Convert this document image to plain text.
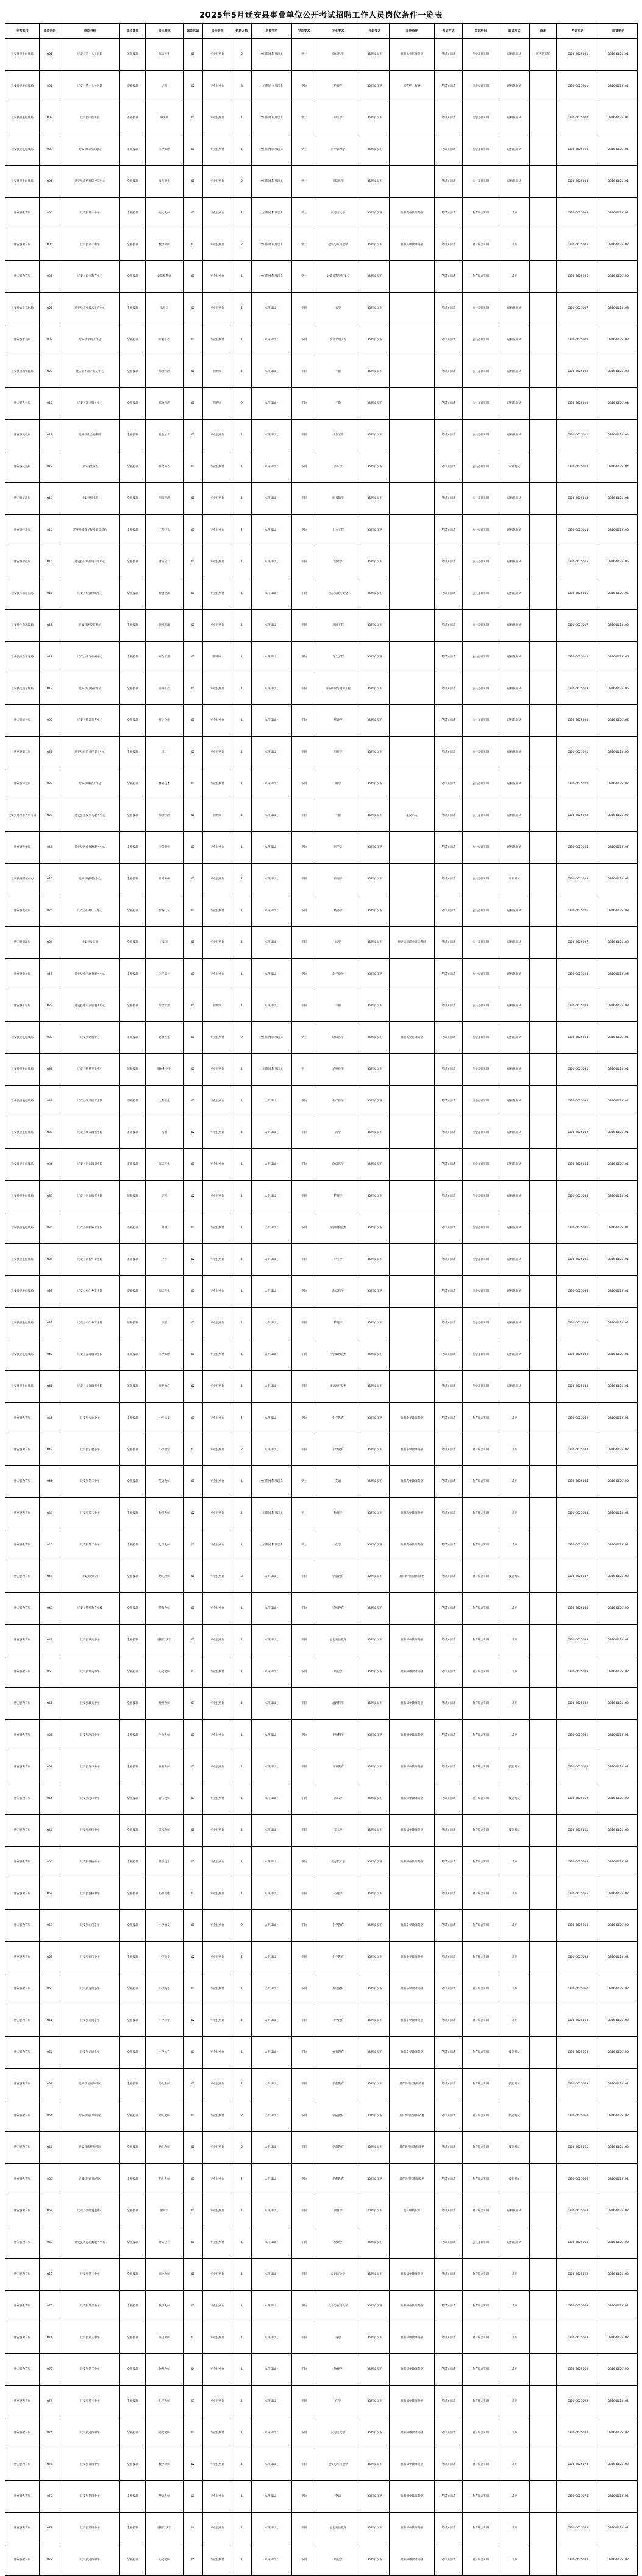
2025年5月迁安县事业单位公开考试招聘工作人员岗位条件一览表
主管部门	单位代码	单位名称	单位性质	岗位名称	岗位代码	岗位类别	招聘人数	所需学历	学位要求	专业要求	年龄要求	其他条件	考试方式	笔试科目	面试方式	备注	咨询电话	监督电话
迁安县卫生健康局	001	迁安县第一人民医院	差额拨款	临床医生	01	专业技术岗	2	全日制本科及以上	学士	临床医学	35周岁以下	具有执业医师资格	笔试+面试	医学基础知识	结构化面试	服务期五年	0316-6625001	0316-6625101
迁安县卫生健康局	001	迁安县第一人民医院	差额拨款	护理	02	专业技术岗	3	全日制大专及以上	不限	护理学	30周岁以下	具有护士资格	笔试+面试	医学基础知识	结构化面试		0316-6625001	0316-6625101
迁安县卫生健康局	002	迁安县中医医院	差额拨款	中医师	01	专业技术岗	1	全日制本科及以上	学士	中医学	35周岁以下		笔试+面试	医学基础知识	结构化面试		0316-6625002	0316-6625101
迁安县卫生健康局	003	迁安县妇幼保健院	差额拨款	医学影像	01	专业技术岗	1	全日制本科及以上	学士	医学影像学	35周岁以下		笔试+面试	医学基础知识	结构化面试		0316-6625003	0316-6625101
迁安县卫生健康局	004	迁安县疾病预防控制中心	全额拨款	公共卫生	01	专业技术岗	2	全日制本科及以上	学士	预防医学	35周岁以下		笔试+面试	公共基础知识	结构化面试		0316-6625004	0316-6625101
迁安县教育局	005	迁安县第一中学	全额拨款	语文教师	01	专业技术岗	2	全日制本科及以上	学士	汉语言文学	35周岁以下	具有高中教师资格	笔试+面试	教育综合知识	试讲		0316-6625005	0316-6625102
迁安县教育局	005	迁安县第一中学	全额拨款	数学教师	02	专业技术岗	2	全日制本科及以上	学士	数学与应用数学	35周岁以下	具有高中教师资格	笔试+面试	教育综合知识	试讲		0316-6625005	0316-6625102
迁安县教育局	006	迁安县职业教育中心	全额拨款	计算机教师	01	专业技术岗	1	全日制本科及以上	学士	计算机科学与技术	35周岁以下		笔试+面试	教育综合知识	试讲		0316-6625006	0316-6625102
迁安县农业农村局	007	迁安县农业技术推广中心	全额拨款	农技员	01	专业技术岗	2	本科及以上	不限	农学	35周岁以下		笔试+面试	公共基础知识	结构化面试		0316-6625007	0316-6625103
迁安县水利局	008	迁安县水利工作站	全额拨款	水利工程	01	专业技术岗	1	本科及以上	不限	水利水电工程	35周岁以下		笔试+面试	公共基础知识	结构化面试		0316-6625008	0316-6625103
迁安县自然资源局	009	迁安县不动产登记中心	全额拨款	综合管理	01	管理岗	1	本科及以上	不限	不限	35周岁以下		笔试+面试	公共基础知识	结构化面试		0316-6625009	0316-6625103
迁安县人社局	010	迁安县就业服务中心	全额拨款	综合管理	01	管理岗	2	本科及以上	不限	不限	35周岁以下		笔试+面试	公共基础知识	结构化面试		0316-6625010	0316-6625104
迁安县民政局	011	迁安县社会福利院	全额拨款	社会工作	01	专业技术岗	1	本科及以上	不限	社会工作	35周岁以下		笔试+面试	公共基础知识	结构化面试		0316-6625011	0316-6625104
迁安县文旅局	012	迁安县文化馆	全额拨款	群文辅导	01	专业技术岗	1	本科及以上	不限	音乐学	35周岁以下		笔试+面试	公共基础知识	专业测试		0316-6625012	0316-6625104
迁安县文旅局	013	迁安县图书馆	全额拨款	图书管理	01	专业技术岗	1	本科及以上	不限	图书馆学	35周岁以下		笔试+面试	公共基础知识	结构化面试		0316-6625013	0316-6625104
迁安县住建局	014	迁安县建设工程质量监督站	全额拨款	工程技术	01	专业技术岗	2	本科及以上	不限	土木工程	35周岁以下		笔试+面试	公共基础知识	结构化面试		0316-6625014	0316-6625105
迁安县财政局	015	迁安县财政投资评审中心	全额拨款	财务会计	01	专业技术岗	1	本科及以上	不限	会计学	35周岁以下		笔试+面试	公共基础知识	结构化面试		0316-6625015	0316-6625105
迁安县市场监管局	016	迁安县检验检测中心	全额拨款	检验检测	01	专业技术岗	1	本科及以上	不限	食品质量与安全	35周岁以下		笔试+面试	公共基础知识	结构化面试		0316-6625016	0316-6625105
迁安县生态环境局	017	迁安县环境监测站	全额拨款	环境监测	01	专业技术岗	1	本科及以上	不限	环境工程	35周岁以下		笔试+面试	公共基础知识	结构化面试		0316-6625017	0316-6625105
迁安县应急管理局	018	迁安县应急救援中心	全额拨款	应急管理	01	管理岗	1	本科及以上	不限	安全工程	35周岁以下		笔试+面试	公共基础知识	结构化面试		0316-6625018	0316-6625106
迁安县交通运输局	019	迁安县公路管理站	全额拨款	道路工程	01	专业技术岗	1	本科及以上	不限	道路桥梁与渡河工程	35周岁以下		笔试+面试	公共基础知识	结构化面试		0316-6625019	0316-6625106
迁安县统计局	020	迁安县统计普查中心	全额拨款	统计分析	01	专业技术岗	1	本科及以上	不限	统计学	35周岁以下		笔试+面试	公共基础知识	结构化面试		0316-6625020	0316-6625106
迁安县审计局	021	迁安县经济责任审计中心	全额拨款	审计	01	专业技术岗	1	本科及以上	不限	审计学	35周岁以下		笔试+面试	公共基础知识	结构化面试		0316-6625021	0316-6625106
迁安县林业局	022	迁安县林业工作站	全额拨款	林业技术	01	专业技术岗	1	本科及以上	不限	林学	35周岁以下		笔试+面试	公共基础知识	结构化面试		0316-6625022	0316-6625107
迁安县退役军人事务局	023	迁安县退役军人服务中心	全额拨款	综合管理	01	管理岗	1	本科及以上	不限	不限	35周岁以下	退役军人	笔试+面试	公共基础知识	结构化面试		0316-6625023	0316-6625107
迁安县医保局	024	迁安县医疗保障服务中心	全额拨款	医保审核	01	专业技术岗	1	本科及以上	不限	医学类	35周岁以下		笔试+面试	公共基础知识	结构化面试		0316-6625024	0316-6625107
迁安县融媒体中心	025	迁安县融媒体中心	全额拨款	新闻采编	01	专业技术岗	2	本科及以上	不限	新闻学	35周岁以下		笔试+面试	公共基础知识	专业测试		0316-6625025	0316-6625107
迁安县发改局	026	迁安县价格认证中心	全额拨款	价格认证	01	专业技术岗	1	本科及以上	不限	经济学	35周岁以下		笔试+面试	公共基础知识	结构化面试		0316-6625026	0316-6625108
迁安县司法局	027	迁安县公证处	全额拨款	公证员	01	专业技术岗	1	本科及以上	不限	法学	35周岁以下	通过法律职业资格考试	笔试+面试	公共基础知识	结构化面试		0316-6625027	0316-6625108
迁安县商务局	028	迁安县电子商务服务中心	全额拨款	电子商务	01	专业技术岗	1	本科及以上	不限	电子商务	35周岁以下		笔试+面试	公共基础知识	结构化面试		0316-6625028	0316-6625108
迁安县工信局	029	迁安县中小企业服务中心	全额拨款	综合管理	01	管理岗	1	本科及以上	不限	不限	35周岁以下		笔试+面试	公共基础知识	结构化面试		0316-6625029	0316-6625108
迁安县卫生健康局	030	迁安县急救中心	差额拨款	急诊医生	01	专业技术岗	2	全日制本科及以上	学士	临床医学	35周岁以下	具有执业医师资格	笔试+面试	医学基础知识	结构化面试		0316-6625030	0316-6625101
迁安县卫生健康局	031	迁安县精神卫生中心	差额拨款	精神科医生	01	专业技术岗	1	全日制本科及以上	学士	精神医学	35周岁以下		笔试+面试	医学基础知识	结构化面试		0316-6625031	0316-6625101
迁安县卫生健康局	032	迁安县城关镇卫生院	差额拨款	全科医生	01	专业技术岗	1	大专及以上	不限	临床医学	35周岁以下		笔试+面试	医学基础知识	结构化面试		0316-6625032	0316-6625101
迁安县卫生健康局	033	迁安县城关镇卫生院	差额拨款	药剂	02	专业技术岗	1	大专及以上	不限	药学	35周岁以下		笔试+面试	医学基础知识	结构化面试		0316-6625032	0316-6625101
迁安县卫生健康局	034	迁安县河口镇卫生院	差额拨款	临床医生	01	专业技术岗	1	大专及以上	不限	临床医学	35周岁以下		笔试+面试	医学基础知识	结构化面试		0316-6625034	0316-6625101
迁安县卫生健康局	035	迁安县河口镇卫生院	差额拨款	护理	02	专业技术岗	1	大专及以上	不限	护理学	30周岁以下		笔试+面试	医学基础知识	结构化面试		0316-6625034	0316-6625101
迁安县卫生健康局	036	迁安县新桥乡卫生院	差额拨款	检验	01	专业技术岗	1	大专及以上	不限	医学检验技术	35周岁以下		笔试+面试	医学基础知识	结构化面试		0316-6625036	0316-6625101
迁安县卫生健康局	037	迁安县新桥乡卫生院	差额拨款	中医	02	专业技术岗	1	大专及以上	不限	中医学	35周岁以下		笔试+面试	医学基础知识	结构化面试		0316-6625036	0316-6625101
迁安县卫生健康局	038	迁安县石门乡卫生院	差额拨款	临床医生	01	专业技术岗	1	大专及以上	不限	临床医学	35周岁以下		笔试+面试	医学基础知识	结构化面试		0316-6625038	0316-6625101
迁安县卫生健康局	039	迁安县石门乡卫生院	差额拨款	护理	02	专业技术岗	1	大专及以上	不限	护理学	30周岁以下		笔试+面试	医学基础知识	结构化面试		0316-6625038	0316-6625101
迁安县卫生健康局	040	迁安县龙岗镇卫生院	差额拨款	医学影像	01	专业技术岗	1	大专及以上	不限	医学影像技术	35周岁以下		笔试+面试	医学基础知识	结构化面试		0316-6625040	0316-6625101
迁安县卫生健康局	041	迁安县龙岗镇卫生院	差额拨款	康复治疗	02	专业技术岗	1	大专及以上	不限	康复治疗技术	35周岁以下		笔试+面试	医学基础知识	结构化面试		0316-6625040	0316-6625101
迁安县教育局	042	迁安县实验小学	全额拨款	小学语文	01	专业技术岗	2	本科及以上	不限	小学教育	35周岁以下	具有小学教师资格	笔试+面试	教育综合知识	试讲		0316-6625042	0316-6625102
迁安县教育局	043	迁安县实验小学	全额拨款	小学数学	02	专业技术岗	2	本科及以上	不限	小学教育	35周岁以下	具有小学教师资格	笔试+面试	教育综合知识	试讲		0316-6625042	0316-6625102
迁安县教育局	044	迁安县第二中学	全额拨款	英语教师	01	专业技术岗	1	全日制本科及以上	学士	英语	35周岁以下	具有高中教师资格	笔试+面试	教育综合知识	试讲		0316-6625044	0316-6625102
迁安县教育局	045	迁安县第二中学	全额拨款	物理教师	02	专业技术岗	1	全日制本科及以上	学士	物理学	35周岁以下	具有高中教师资格	笔试+面试	教育综合知识	试讲		0316-6625044	0316-6625102
迁安县教育局	046	迁安县第二中学	全额拨款	化学教师	03	专业技术岗	1	全日制本科及以上	学士	化学	35周岁以下	具有高中教师资格	笔试+面试	教育综合知识	试讲		0316-6625044	0316-6625102
迁安县教育局	047	迁安县幼儿园	全额拨款	幼儿教师	01	专业技术岗	3	大专及以上	不限	学前教育	30周岁以下	具有幼儿园教师资格	笔试+面试	教育综合知识	技能测试		0316-6625047	0316-6625102
迁安县教育局	048	迁安县特殊教育学校	全额拨款	特教教师	01	专业技术岗	1	本科及以上	不限	特殊教育	35周岁以下		笔试+面试	教育综合知识	试讲		0316-6625048	0316-6625102
迁安县教育局	049	迁安县城关中学	全额拨款	道德与法治	01	专业技术岗	1	本科及以上	不限	思想政治教育	35周岁以下	具有初中教师资格	笔试+面试	教育综合知识	试讲		0316-6625049	0316-6625102
迁安县教育局	050	迁安县城关中学	全额拨款	历史教师	02	专业技术岗	1	本科及以上	不限	历史学	35周岁以下	具有初中教师资格	笔试+面试	教育综合知识	试讲		0316-6625049	0316-6625102
迁安县教育局	051	迁安县城关中学	全额拨款	地理教师	03	专业技术岗	1	本科及以上	不限	地理科学	35周岁以下	具有初中教师资格	笔试+面试	教育综合知识	试讲		0316-6625049	0316-6625102
迁安县教育局	052	迁安县河口中学	全额拨款	生物教师	01	专业技术岗	1	本科及以上	不限	生物科学	35周岁以下	具有初中教师资格	笔试+面试	教育综合知识	试讲		0316-6625052	0316-6625102
迁安县教育局	053	迁安县河口中学	全额拨款	体育教师	02	专业技术岗	1	本科及以上	不限	体育教育	35周岁以下	具有初中教师资格	笔试+面试	教育综合知识	技能测试		0316-6625052	0316-6625102
迁安县教育局	054	迁安县河口中学	全额拨款	音乐教师	03	专业技术岗	1	本科及以上	不限	音乐学	35周岁以下	具有初中教师资格	笔试+面试	教育综合知识	技能测试		0316-6625052	0316-6625102
迁安县教育局	055	迁安县新桥中学	全额拨款	美术教师	01	专业技术岗	1	本科及以上	不限	美术学	35周岁以下	具有初中教师资格	笔试+面试	教育综合知识	技能测试		0316-6625055	0316-6625102
迁安县教育局	056	迁安县新桥中学	全额拨款	信息技术	02	专业技术岗	1	本科及以上	不限	教育技术学	35周岁以下	具有初中教师资格	笔试+面试	教育综合知识	试讲		0316-6625055	0316-6625102
迁安县教育局	057	迁安县新桥中学	全额拨款	心理健康	03	专业技术岗	1	本科及以上	不限	心理学	35周岁以下		笔试+面试	教育综合知识	试讲		0316-6625055	0316-6625102
迁安县教育局	058	迁安县石门小学	全额拨款	小学语文	01	专业技术岗	2	大专及以上	不限	小学教育	35周岁以下	具有小学教师资格	笔试+面试	教育综合知识	试讲		0316-6625058	0316-6625102
迁安县教育局	059	迁安县石门小学	全额拨款	小学数学	02	专业技术岗	2	大专及以上	不限	小学教育	35周岁以下	具有小学教师资格	笔试+面试	教育综合知识	试讲		0316-6625058	0316-6625102
迁安县教育局	060	迁安县龙岗小学	全额拨款	小学英语	01	专业技术岗	1	大专及以上	不限	英语教育	35周岁以下	具有小学教师资格	笔试+面试	教育综合知识	试讲		0316-6625060	0316-6625102
迁安县教育局	061	迁安县龙岗小学	全额拨款	小学科学	02	专业技术岗	1	大专及以上	不限	科学教育	35周岁以下	具有小学教师资格	笔试+面试	教育综合知识	试讲		0316-6625060	0316-6625102
迁安县教育局	062	迁安县龙岗小学	全额拨款	小学体育	03	专业技术岗	1	大专及以上	不限	体育教育	35周岁以下	具有小学教师资格	笔试+面试	教育综合知识	技能测试		0316-6625060	0316-6625102
迁安县教育局	063	迁安县龙岗幼儿园	全额拨款	幼儿教师	01	专业技术岗	2	大专及以上	不限	学前教育	30周岁以下	具有幼儿园教师资格	笔试+面试	教育综合知识	技能测试		0316-6625063	0316-6625102
迁安县教育局	064	迁安县河口幼儿园	全额拨款	幼儿教师	01	专业技术岗	2	大专及以上	不限	学前教育	30周岁以下	具有幼儿园教师资格	笔试+面试	教育综合知识	技能测试		0316-6625064	0316-6625102
迁安县教育局	065	迁安县新桥幼儿园	全额拨款	幼儿教师	01	专业技术岗	2	大专及以上	不限	学前教育	30周岁以下	具有幼儿园教师资格	笔试+面试	教育综合知识	技能测试		0316-6625065	0316-6625102
迁安县教育局	066	迁安县石门幼儿园	全额拨款	幼儿教师	01	专业技术岗	2	大专及以上	不限	学前教育	30周岁以下	具有幼儿园教师资格	笔试+面试	教育综合知识	技能测试		0316-6625066	0316-6625102
迁安县教育局	067	迁安县教师发展中心	全额拨款	教研员	01	专业技术岗	1	本科及以上	不限	教育学	40周岁以下	具有中级职称	笔试+面试	教育综合知识	结构化面试		0316-6625067	0316-6625102
迁安县教育局	068	迁安县教育后勤服务中心	全额拨款	财务会计	01	专业技术岗	1	本科及以上	不限	会计学	35周岁以下		笔试+面试	公共基础知识	结构化面试		0316-6625068	0316-6625102
迁安县教育局	069	迁安县第三中学	全额拨款	语文教师	01	专业技术岗	1	本科及以上	不限	汉语言文学	35周岁以下	具有初中教师资格	笔试+面试	教育综合知识	试讲		0316-6625069	0316-6625102
迁安县教育局	070	迁安县第三中学	全额拨款	数学教师	02	专业技术岗	1	本科及以上	不限	数学与应用数学	35周岁以下	具有初中教师资格	笔试+面试	教育综合知识	试讲		0316-6625069	0316-6625102
迁安县教育局	071	迁安县第三中学	全额拨款	英语教师	03	专业技术岗	1	本科及以上	不限	英语	35周岁以下	具有初中教师资格	笔试+面试	教育综合知识	试讲		0316-6625069	0316-6625102
迁安县教育局	072	迁安县第三中学	全额拨款	物理教师	04	专业技术岗	1	本科及以上	不限	物理学	35周岁以下	具有初中教师资格	笔试+面试	教育综合知识	试讲		0316-6625069	0316-6625102
迁安县教育局	073	迁安县第三中学	全额拨款	化学教师	05	专业技术岗	1	本科及以上	不限	化学	35周岁以下	具有初中教师资格	笔试+面试	教育综合知识	试讲		0316-6625069	0316-6625102
迁安县教育局	074	迁安县第四中学	全额拨款	语文教师	01	专业技术岗	1	本科及以上	不限	汉语言文学	35周岁以下	具有初中教师资格	笔试+面试	教育综合知识	试讲		0316-6625074	0316-6625102
迁安县教育局	075	迁安县第四中学	全额拨款	数学教师	02	专业技术岗	1	本科及以上	不限	数学与应用数学	35周岁以下	具有初中教师资格	笔试+面试	教育综合知识	试讲		0316-6625074	0316-6625102
迁安县教育局	076	迁安县第四中学	全额拨款	英语教师	03	专业技术岗	1	本科及以上	不限	英语	35周岁以下	具有初中教师资格	笔试+面试	教育综合知识	试讲		0316-6625074	0316-6625102
迁安县教育局	077	迁安县第四中学	全额拨款	道德与法治	04	专业技术岗	1	本科及以上	不限	思想政治教育	35周岁以下	具有初中教师资格	笔试+面试	教育综合知识	试讲		0316-6625074	0316-6625102
迁安县教育局	078	迁安县第四中学	全额拨款	历史教师	05	专业技术岗	1	本科及以上	不限	历史学	35周岁以下	具有初中教师资格	笔试+面试	教育综合知识	试讲		0316-6625074	0316-6625102
